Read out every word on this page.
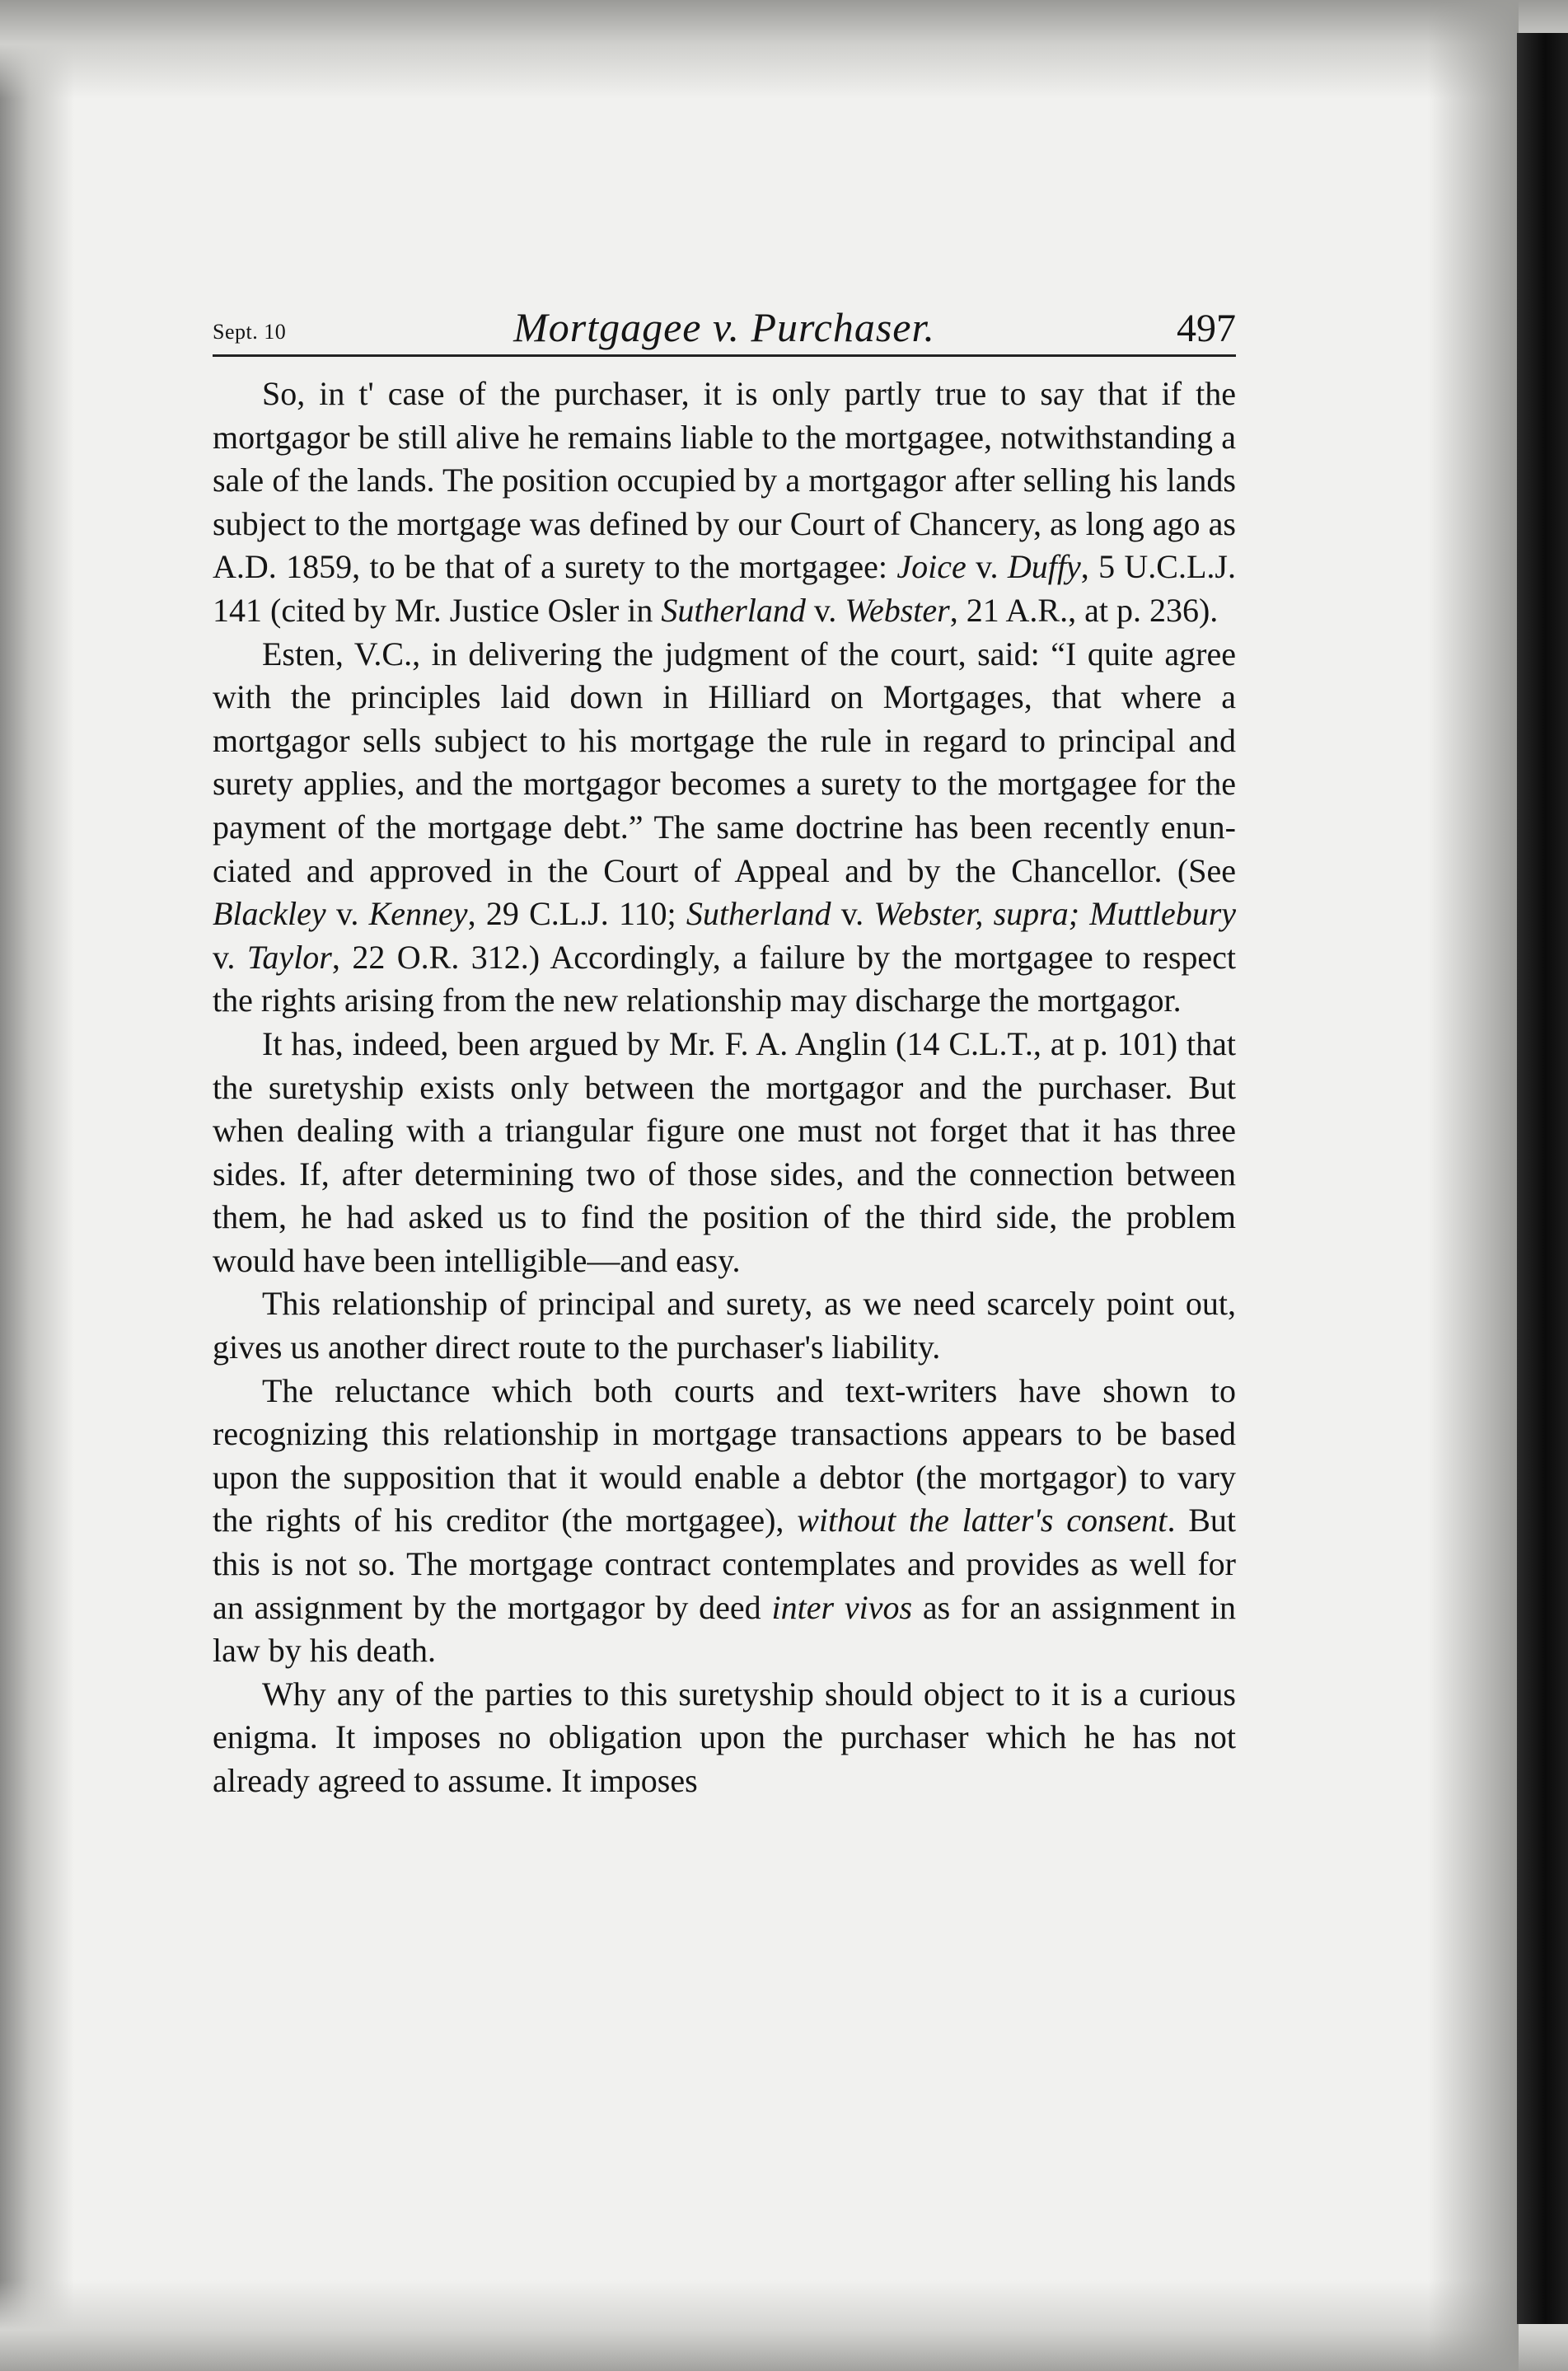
Sept. 10	Mortgagee v. Purchaser.	497

So, in t' case of the purchaser, it is only partly true to say that if the mortgagor be still alive he remains liable to the mortgagee, notwithstanding a sale of the lands. The position occupied by a mortgagor after selling his lands subject to the mortgage was defined by our Court of Chancery, as long ago as A.D. 1859, to be that of a surety to the mortgagee: Joice v. Duffy, 5 U.C.L.J. 141 (cited by Mr. Justice Osler in Sutherland v. Webster, 21 A.R., at p. 236).

Esten, V.C., in delivering the judgment of the court, said: “I quite agree with the principles laid down in Hilliard on Mortgages, that where a mortgagor sells subject to his mortgage the rule in regard to principal and surety applies, and the mortgagor becomes a surety to the mortgagee for the payment of the mortgage debt.” The same doctrine has been recently enunciated and approved in the Court of Appeal and by the Chancellor. (See Blackley v. Kenney, 29 C.L.J. 110; Sutherland v. Webster, supra; Muttlebury v. Taylor, 22 O.R. 312.) Accordingly, a failure by the mortgagee to respect the rights arising from the new relationship may discharge the mortgagor.

It has, indeed, been argued by Mr. F. A. Anglin (14 C.L.T., at p. 101) that the suretyship exists only between the mortgagor and the purchaser. But when dealing with a triangular figure one must not forget that it has three sides. If, after determining two of those sides, and the connection between them, he had asked us to find the position of the third side, the problem would have been intelligible—and easy.

This relationship of principal and surety, as we need scarcely point out, gives us another direct route to the purchaser's liability.

The reluctance which both courts and text-writers have shown to recognizing this relationship in mortgage transactions appears to be based upon the supposition that it would enable a debtor (the mortgagor) to vary the rights of his creditor (the mortgagee), without the latter's consent. But this is not so. The mortgage contract contemplates and provides as well for an assignment by the mortgagor by deed inter vivos as for an assignment in law by his death.

Why any of the parties to this suretyship should object to it is a curious enigma. It imposes no obligation upon the purchaser which he has not already agreed to assume. It imposes
